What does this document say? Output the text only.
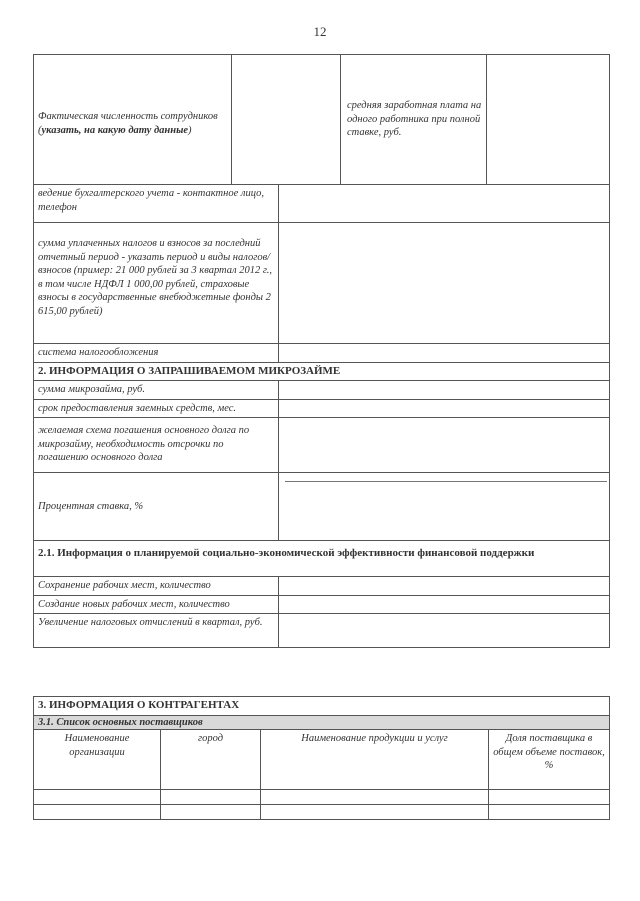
12
Фактическая численность сотрудников (указать, на какую дату данные)			средняя заработная плата на одного работника при полной ставке, руб.	
ведение бухгалтерского учета - контактное лицо, телефон				
сумма уплаченных налогов и взносов за последний отчетный период - указать период и виды налогов/взносов (пример: 21 000 рублей за 3 квартал 2012 г., в том числе НДФЛ 1 000,00 рублей, страховые взносы в государственные внебюджетные фонды 2 615,00 рублей)				
система налогообложения				
2. ИНФОРМАЦИЯ О ЗАПРАШИВАЕМОМ МИКРОЗАЙМЕ				
сумма микрозайма, руб.				
срок предоставления заемных средств, мес.				
желаемая схема погашения основного долга по микрозайму, необходимость отсрочки по погашению основного долга				
Процентная ставка, %				
2.1. Информация о планируемой социально-экономической эффективности финансовой поддержки				
Сохранение рабочих мест, количество				
Создание новых рабочих мест, количество				
Увеличение налоговых отчислений в квартал, руб.				
3. ИНФОРМАЦИЯ О КОНТРАГЕНТАХ			
3.1. Список основных поставщиков			
Наименование организации	город	Наименование продукции и услуг	Доля поставщика в общем объеме поставок, %
